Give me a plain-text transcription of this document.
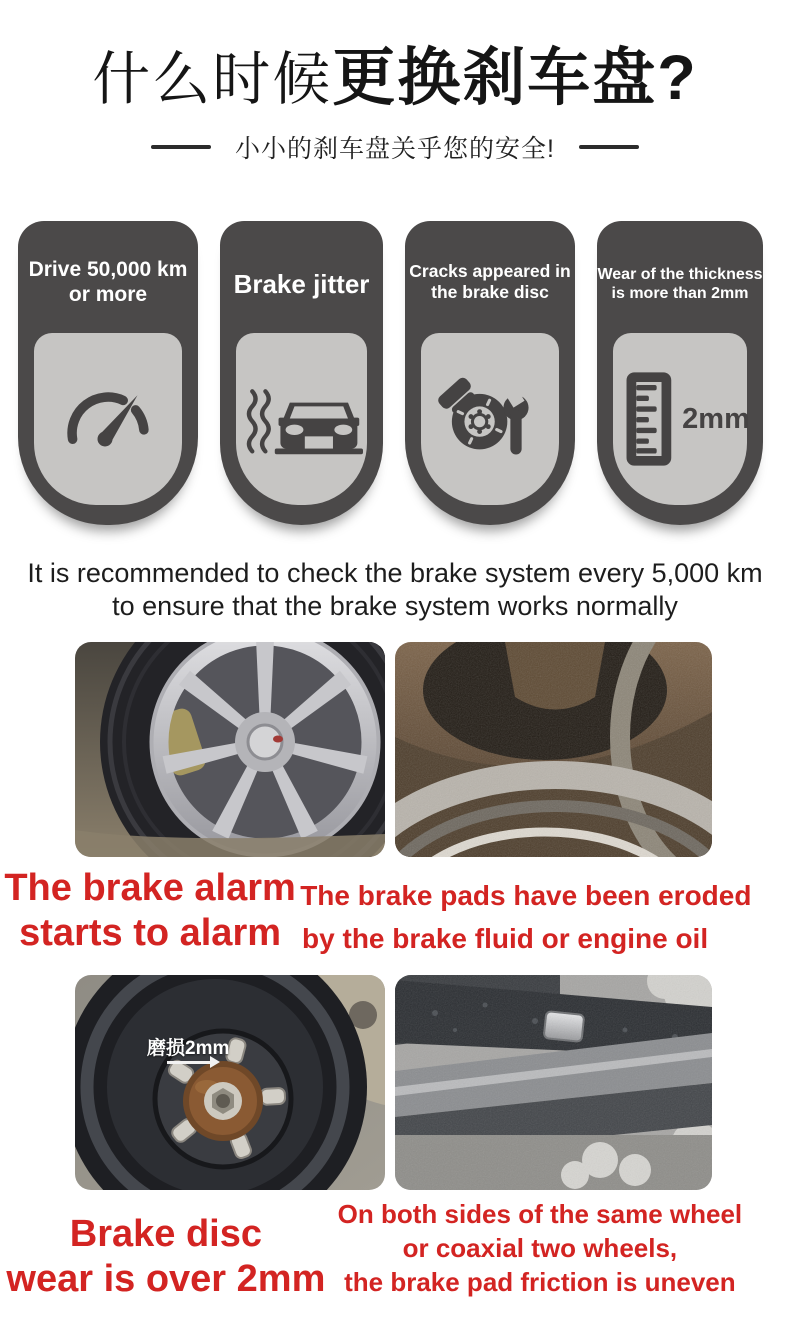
什么时候更换刹车盘?
小小的刹车盘关乎您的安全!
Drive 50,000 km
or more	Brake jitter	Cracks appeared in
the brake disc
Wear of the thickness
is more than 2mm
2mm
It is recommended to check the brake system every 5,000 km
to ensure that the brake system works normally
The brake alarm
starts to alarm
The brake pads have been eroded
by the brake fluid or engine oil
磨损2mm
Brake disc
wear is over 2mm
On both sides of the same wheel
or coaxial two wheels,
the brake pad friction is uneven
